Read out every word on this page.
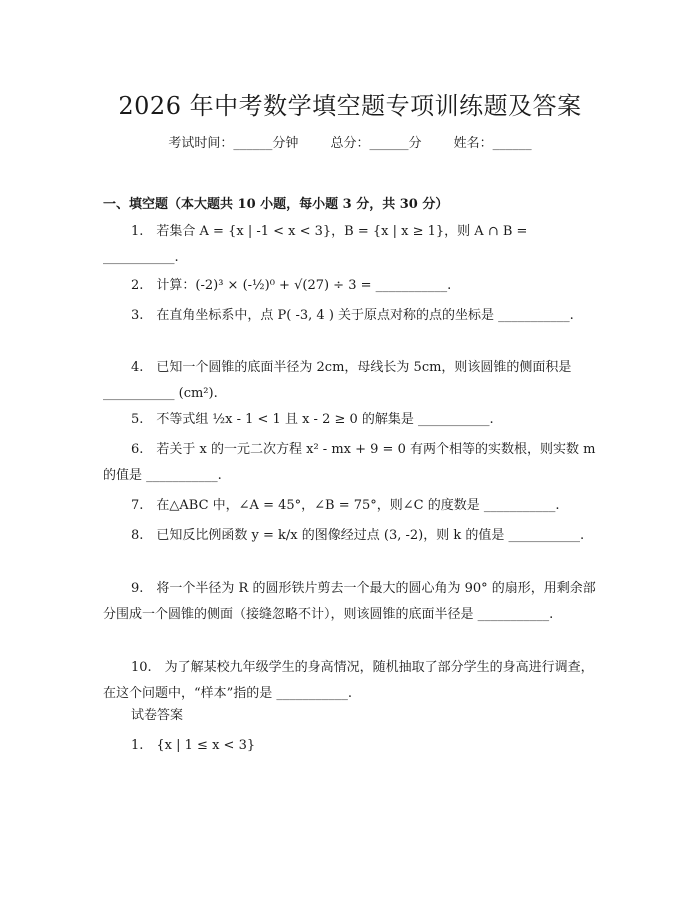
2026 年中考数学填空题专项训练题及答案
考试时间：______分钟 总分：______分 姓名：______
一、填空题（本大题共 10 小题，每小题 3 分，共 30 分）
1.　若集合 A = {x | -1 < x < 3}，B = {x | x ≥ 1}，则 A ∩ B = ___________.
2.　计算：(-2)³ × (-½)⁰ + √(27) ÷ 3 = ___________.
3.　在直角坐标系中，点 P( -3, 4 ) 关于原点对称的点的坐标是 ___________.
4.　已知一个圆锥的底面半径为 2cm，母线长为 5cm，则该圆锥的侧面积是 ___________ (cm²).
5.　不等式组 ½x - 1 < 1 且 x - 2 ≥ 0 的解集是 ___________.
6.　若关于 x 的一元二次方程 x² - mx + 9 = 0 有两个相等的实数根，则实数 m 的值是 ___________.
7.　在△ABC 中，∠A = 45°，∠B = 75°，则∠C 的度数是 ___________.
8.　已知反比例函数 y = k/x 的图像经过点 (3, -2)，则 k 的值是 ___________.
9.　将一个半径为 R 的圆形铁片剪去一个最大的圆心角为 90° 的扇形，用剩余部分围成一个圆锥的侧面（接缝忽略不计），则该圆锥的底面半径是 ___________.
10.　为了解某校九年级学生的身高情况，随机抽取了部分学生的身高进行调查，在这个问题中，“样本”指的是 ___________.
试卷答案
1.　{x | 1 ≤ x < 3}
